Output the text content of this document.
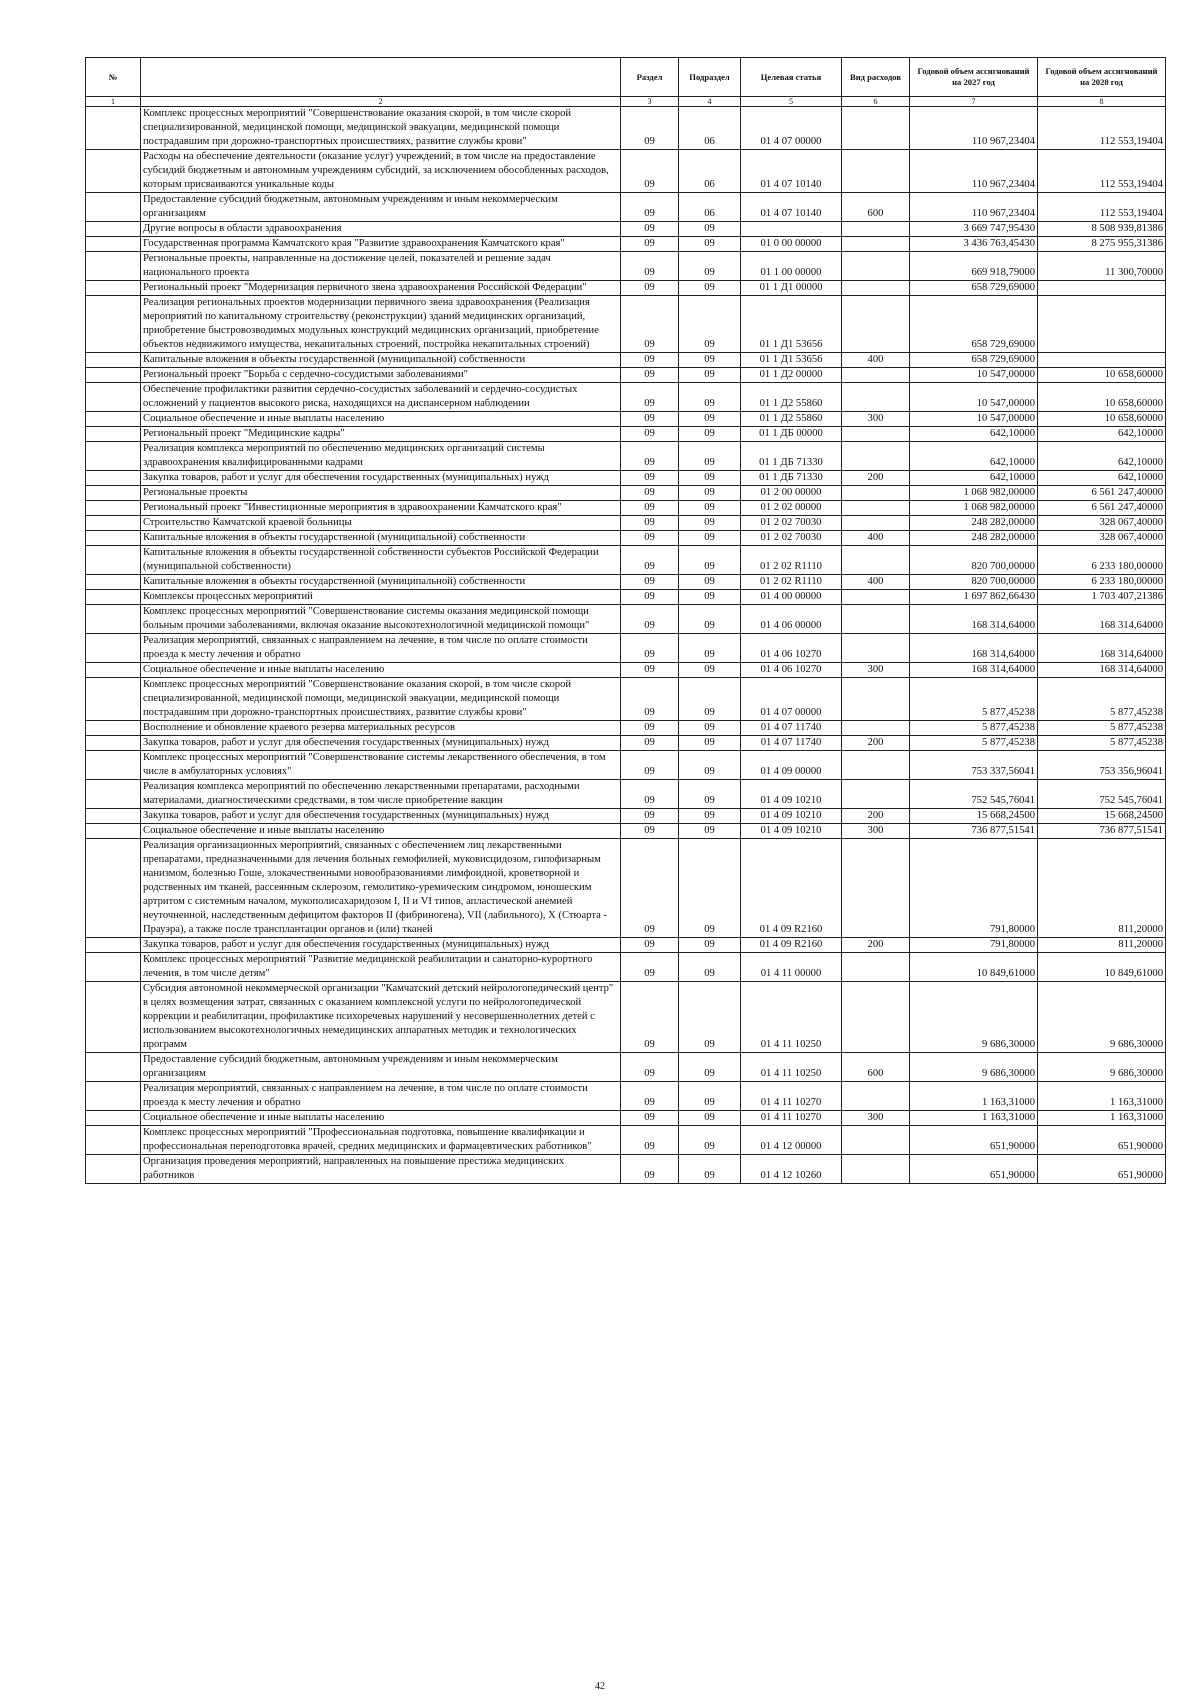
№		Раздел	Подраздел	Целевая статья	Вид расходов	Годовой объем ассигнований на 2027 год	Годовой объем ассигнований на 2028 год
1	2	3	4	5	6	7	8
	Комплекс процессных мероприятий "Совершенствование оказания скорой, в том числе скорой специализированной, медицинской помощи, медицинской эвакуации, медицинской помощи пострадавшим при дорожно-транспортных происшествиях, развитие службы крови"	09	06	01 4 07 00000		110 967,23404	112 553,19404
	Расходы на обеспечение деятельности (оказание услуг) учреждений, в том числе на предоставление субсидий бюджетным и автономным учреждениям субсидий, за исключением обособленных расходов, которым присваиваются уникальные коды	09	06	01 4 07 10140		110 967,23404	112 553,19404
	Предоставление субсидий бюджетным, автономным учреждениям и иным некоммерческим организациям	09	06	01 4 07 10140	600	110 967,23404	112 553,19404
	Другие вопросы в области здравоохранения	09	09			3 669 747,95430	8 508 939,81386
	Государственная программа Камчатского края "Развитие здравоохранения Камчатского края"	09	09	01 0 00 00000		3 436 763,45430	8 275 955,31386
	Региональные проекты, направленные на достижение целей, показателей и решение задач национального проекта	09	09	01 1 00 00000		669 918,79000	11 300,70000
	Региональный проект "Модернизация первичного звена здравоохранения Российской Федерации"	09	09	01 1 Д1 00000		658 729,69000	
	Реализация региональных проектов модернизации первичного звена здравоохранения (Реализация мероприятий по капитальному строительству (реконструкции) зданий медицинских организаций, приобретение быстровозводимых модульных конструкций медицинских организаций, приобретение объектов недвижимого имущества, некапитальных строений, постройка некапитальных строений)	09	09	01 1 Д1 53656		658 729,69000	
	Капитальные вложения в объекты государственной (муниципальной) собственности	09	09	01 1 Д1 53656	400	658 729,69000	
	Региональный проект "Борьба с сердечно-сосудистыми заболеваниями"	09	09	01 1 Д2 00000		10 547,00000	10 658,60000
	Обеспечение профилактики развития сердечно-сосудистых заболеваний и сердечно-сосудистых осложнений у пациентов высокого риска, находящихся на диспансерном наблюдении	09	09	01 1 Д2 55860		10 547,00000	10 658,60000
	Социальное обеспечение и иные выплаты населению	09	09	01 1 Д2 55860	300	10 547,00000	10 658,60000
	Региональный проект "Медицинские кадры"	09	09	01 1 ДБ 00000		642,10000	642,10000
	Реализация комплекса мероприятий по обеспечению медицинских организаций системы здравоохранения квалифицированными кадрами	09	09	01 1 ДБ 71330		642,10000	642,10000
	Закупка товаров, работ и услуг для обеспечения государственных (муниципальных) нужд	09	09	01 1 ДБ 71330	200	642,10000	642,10000
	Региональные проекты	09	09	01 2 00 00000		1 068 982,00000	6 561 247,40000
	Региональный проект "Инвестиционные мероприятия в здравоохранении Камчатского края"	09	09	01 2 02 00000		1 068 982,00000	6 561 247,40000
	Строительство Камчатской краевой больницы	09	09	01 2 02 70030		248 282,00000	328 067,40000
	Капитальные вложения в объекты государственной (муниципальной) собственности	09	09	01 2 02 70030	400	248 282,00000	328 067,40000
	Капитальные вложения в объекты государственной собственности субъектов Российской Федерации (муниципальной собственности)	09	09	01 2 02 R1110		820 700,00000	6 233 180,00000
	Капитальные вложения в объекты государственной (муниципальной) собственности	09	09	01 2 02 R1110	400	820 700,00000	6 233 180,00000
	Комплексы процессных мероприятий	09	09	01 4 00 00000		1 697 862,66430	1 703 407,21386
	Комплекс процессных мероприятий "Совершенствование системы оказания медицинской помощи больным прочими заболеваниями, включая оказание высокотехнологичной медицинской помощи"	09	09	01 4 06 00000		168 314,64000	168 314,64000
	Реализация мероприятий, связанных с направлением на лечение, в том числе по оплате стоимости проезда к месту лечения и обратно	09	09	01 4 06 10270		168 314,64000	168 314,64000
	Социальное обеспечение и иные выплаты населению	09	09	01 4 06 10270	300	168 314,64000	168 314,64000
	Комплекс процессных мероприятий "Совершенствование оказания скорой, в том числе скорой специализированной, медицинской помощи, медицинской эвакуации, медицинской помощи пострадавшим при дорожно-транспортных происшествиях, развитие службы крови"	09	09	01 4 07 00000		5 877,45238	5 877,45238
	Восполнение и обновление краевого резерва материальных ресурсов	09	09	01 4 07 11740		5 877,45238	5 877,45238
	Закупка товаров, работ и услуг для обеспечения государственных (муниципальных) нужд	09	09	01 4 07 11740	200	5 877,45238	5 877,45238
	Комплекс процессных мероприятий "Совершенствование системы лекарственного обеспечения, в том числе в амбулаторных условиях"	09	09	01 4 09 00000		753 337,56041	753 356,96041
	Реализация комплекса мероприятий по обеспечению лекарственными препаратами, расходными материалами, диагностическими средствами, в том числе приобретение вакцин	09	09	01 4 09 10210		752 545,76041	752 545,76041
	Закупка товаров, работ и услуг для обеспечения государственных (муниципальных) нужд	09	09	01 4 09 10210	200	15 668,24500	15 668,24500
	Социальное обеспечение и иные выплаты населению	09	09	01 4 09 10210	300	736 877,51541	736 877,51541
	Реализация организационных мероприятий, связанных с обеспечением лиц лекарственными препаратами, предназначенными для лечения больных гемофилией, муковисцидозом, гипофизарным нанизмом, болезнью Гоше, злокачественными новообразованиями лимфоидной, кроветворной и родственных им тканей, рассеянным склерозом, гемолитико-уремическим синдромом, юношеским артритом с системным началом, мукополисахаридозом I, II и VI типов, апластической анемией неуточненной, наследственным дефицитом факторов II (фибриногена), VII (лабильного), X (Стюарта - Прауэра), а также после трансплантации органов и (или) тканей	09	09	01 4 09 R2160		791,80000	811,20000
	Закупка товаров, работ и услуг для обеспечения государственных (муниципальных) нужд	09	09	01 4 09 R2160	200	791,80000	811,20000
	Комплекс процессных мероприятий "Развитие медицинской реабилитации и санаторно-курортного лечения, в том числе детям"	09	09	01 4 11 00000		10 849,61000	10 849,61000
	Субсидия автономной некоммерческой организации "Камчатский детский нейрологопедический центр" в целях возмещения затрат, связанных с оказанием комплексной услуги по нейрологопедической коррекции и реабилитации, профилактике психоречевых нарушений у несовершеннолетних детей с использованием высокотехнологичных немедицинских аппаратных методик и технологических программ	09	09	01 4 11 10250		9 686,30000	9 686,30000
	Предоставление субсидий бюджетным, автономным учреждениям и иным некоммерческим организациям	09	09	01 4 11 10250	600	9 686,30000	9 686,30000
	Реализация мероприятий, связанных с направлением на лечение, в том числе по оплате стоимости проезда к месту лечения и обратно	09	09	01 4 11 10270		1 163,31000	1 163,31000
	Социальное обеспечение и иные выплаты населению	09	09	01 4 11 10270	300	1 163,31000	1 163,31000
	Комплекс процессных мероприятий "Профессиональная подготовка, повышение квалификации и профессиональная переподготовка врачей, средних медицинских и фармацевтических работников"	09	09	01 4 12 00000		651,90000	651,90000
	Организация проведения мероприятий, направленных на повышение престижа медицинских работников	09	09	01 4 12 10260		651,90000	651,90000
42
